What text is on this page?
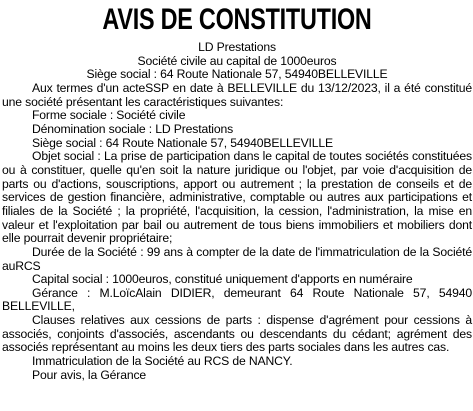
AVIS DE CONSTITUTION
LD Prestations
Société civile au capital de 1000euros
Siège social : 64 Route Nationale 57, 54940BELLEVILLE
Aux termes d'un acteSSP en date à BELLEVILLE du 13/12/2023, il a été constitué
une société présentant les caractéristiques suivantes:
Forme sociale : Société civile
Dénomination sociale : LD Prestations
Siège social : 64 Route Nationale 57, 54940BELLEVILLE
Objet social : La prise de participation dans le capital de toutes sociétés constituées
ou à constituer, quelle qu'en soit la nature juridique ou l'objet, par voie d'acquisition de
parts ou d'actions, souscriptions, apport ou autrement ; la prestation de conseils et de
services de gestion financière, administrative, comptable ou autres aux participations et
filiales de la Société ; la propriété, l'acquisition, la cession, l'administration, la mise en
valeur et l'exploitation par bail ou autrement de tous biens immobiliers et mobiliers dont
elle pourrait devenir propriétaire;
Durée de la Société : 99 ans à compter de la date de l'immatriculation de la Société
auRCS
Capital social : 1000euros, constitué uniquement d'apports en numéraire
Gérance : M.LoïcAlain DIDIER, demeurant 64 Route Nationale 57, 54940
BELLEVILLE,
Clauses relatives aux cessions de parts : dispense d'agrément pour cessions à
associés, conjoints d'associés, ascendants ou descendants du cédant; agrément des
associés représentant au moins les deux tiers des parts sociales dans les autres cas.
Immatriculation de la Société au RCS de NANCY.
Pour avis, la Gérance
